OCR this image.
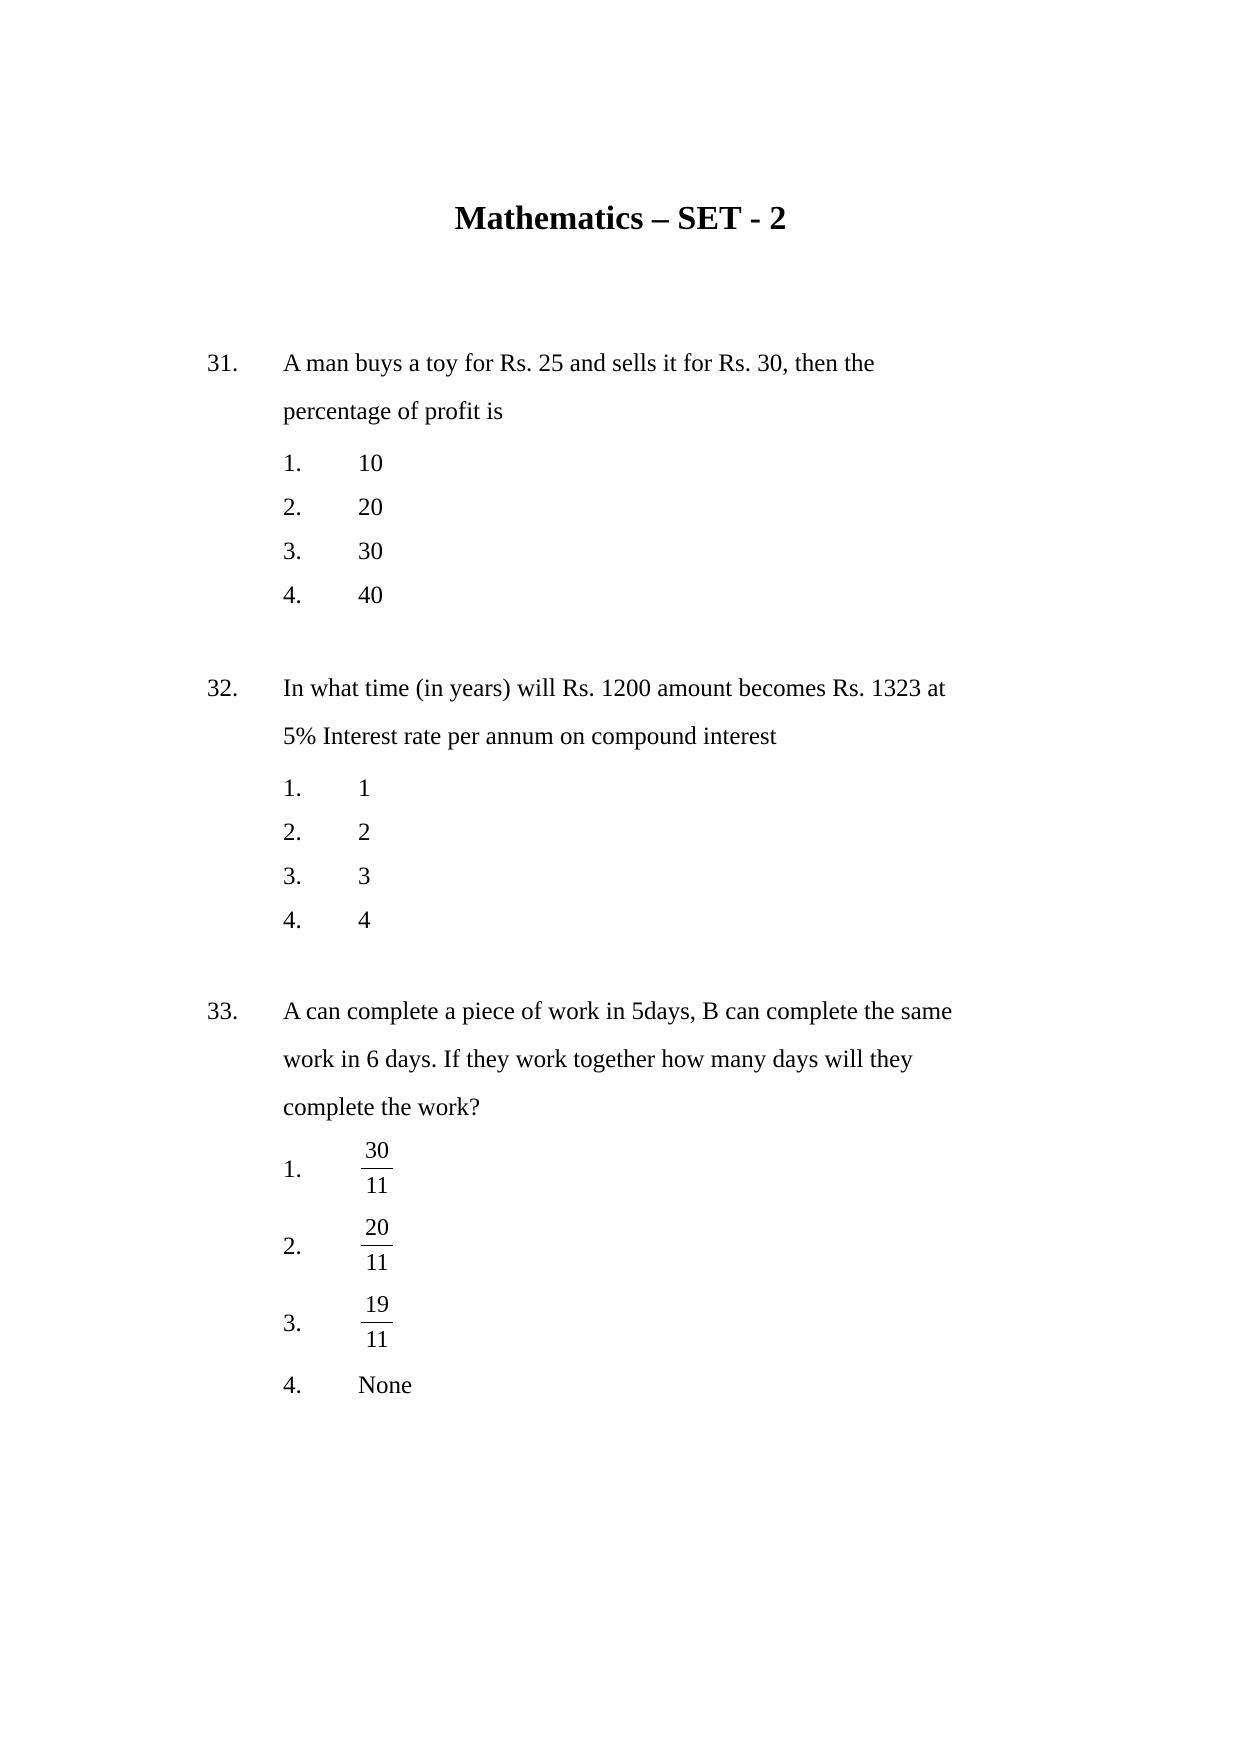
Mathematics – SET - 2
31. A man buys a toy for Rs. 25 and sells it for Rs. 30, then the
percentage of profit is
1. 10
2. 20
3. 30
4. 40
32. In what time (in years) will Rs. 1200 amount becomes Rs. 1323 at
5% Interest rate per annum on compound interest
1. 1
2. 2
3. 3
4. 4
33. A can complete a piece of work in 5days, B can complete the same
work in 6 days. If they work together how many days will they
complete the work?
1. $\frac{30}{11}$
2. $\frac{20}{11}$
3. $\frac{19}{11}$
4. None
